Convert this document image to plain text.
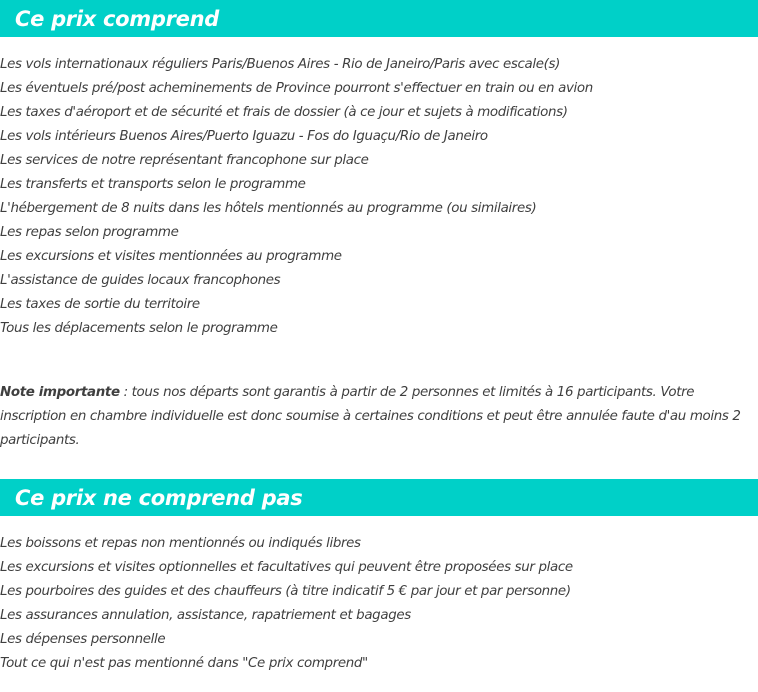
Ce prix comprend
Les vols internationaux réguliers Paris/Buenos Aires - Rio de Janeiro/Paris avec escale(s)
Les éventuels pré/post acheminements de Province pourront s'effectuer en train ou en avion
Les taxes d'aéroport et de sécurité et frais de dossier (à ce jour et sujets à modifications)
Les vols intérieurs Buenos Aires/Puerto Iguazu - Fos do Iguaçu/Rio de Janeiro
Les services de notre représentant francophone sur place
Les transferts et transports selon le programme
L'hébergement de 8 nuits dans les hôtels mentionnés au programme (ou similaires)
Les repas selon programme
Les excursions et visites mentionnées au programme
L'assistance de guides locaux francophones
Les taxes de sortie du territoire
Tous les déplacements selon le programme

Note importante : tous nos départs sont garantis à partir de 2 personnes et limités à 16 participants. Votre inscription en chambre individuelle est donc soumise à certaines conditions et peut être annulée faute d'au moins 2 participants.

Ce prix ne comprend pas
Les boissons et repas non mentionnés ou indiqués libres
Les excursions et visites optionnelles et facultatives qui peuvent être proposées sur place
Les pourboires des guides et des chauffeurs (à titre indicatif 5 € par jour et par personne)
Les assurances annulation, assistance, rapatriement et bagages
Les dépenses personnelle
Tout ce qui n'est pas mentionné dans "Ce prix comprend"
